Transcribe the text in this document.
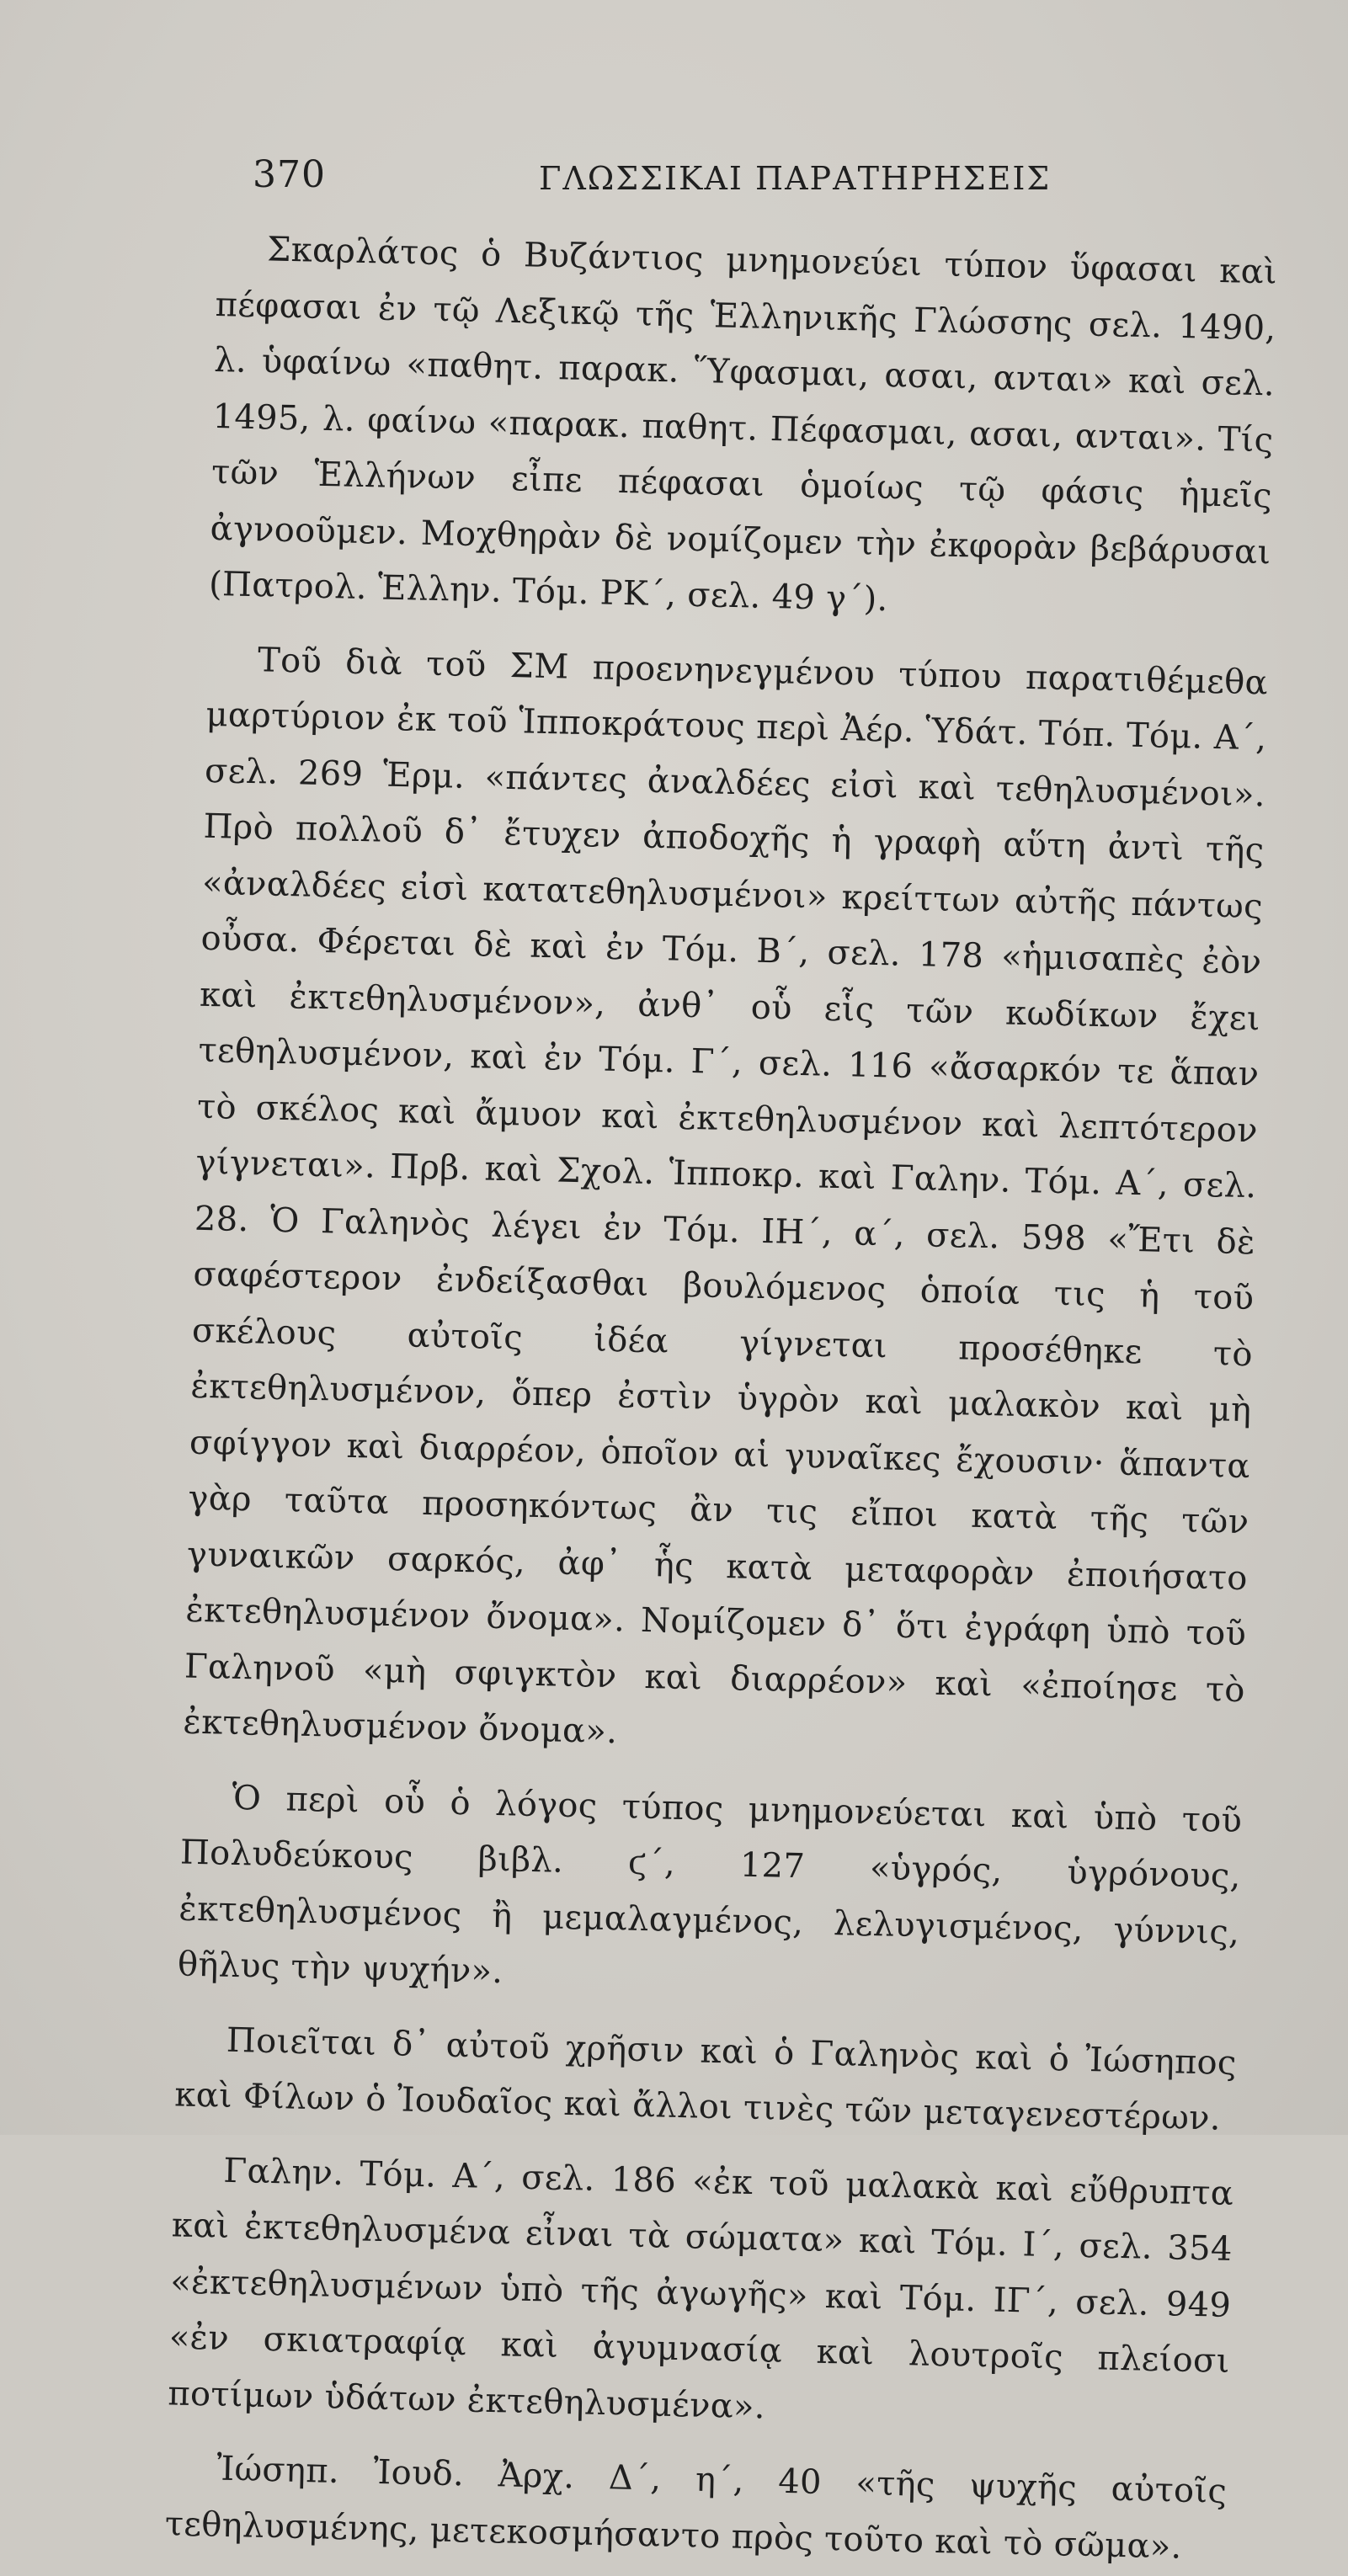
370	ΓΛΩΣΣΙΚΑΙ ΠΑΡΑΤΗΡΗΣΕΙΣ

Σκαρλάτος ὁ Βυζάντιος μνημονεύει τύπον ὕφασαι καὶ πέφασαι ἐν τῷ Λεξικῷ τῆς Ἑλληνικῆς Γλώσσης σελ. 1490, λ. ὑφαίνω «παθητ. παρακ. Ὕφασμαι, ασαι, ανται» καὶ σελ. 1495, λ. φαίνω «παρακ. παθητ. Πέφασμαι, ασαι, ανται». Τίς τῶν Ἑλλήνων εἶπε πέφασαι ὁμοίως τῷ φάσις ἡμεῖς ἀγνοοῦμεν. Μοχθηρὰν δὲ νομίζομεν τὴν ἐκφορὰν βεβάρυσαι (Πατρολ. Ἑλλην. Τόμ. ΡΚ΄, σελ. 49 γ΄).

Τοῦ διὰ τοῦ ΣΜ προενηνεγμένου τύπου παρατιθέμεθα μαρτύριον ἐκ τοῦ Ἱπποκράτους περὶ Ἀέρ. Ὑδάτ. Τόπ. Τόμ. Α΄, σελ. 269 Ἑρμ. «πάντες ἀναλδέες εἰσὶ καὶ τεθηλυσμένοι». Πρὸ πολλοῦ δ᾽ ἔτυχεν ἀποδοχῆς ἡ γραφὴ αὕτη ἀντὶ τῆς «ἀναλδέες εἰσὶ κατατεθηλυσμένοι» κρείττων αὐτῆς πάντως οὖσα. Φέρεται δὲ καὶ ἐν Τόμ. Β΄, σελ. 178 «ἡμισαπὲς ἐὸν καὶ ἐκτεθηλυσμένον», ἀνθ᾽ οὗ εἷς τῶν κωδίκων ἔχει τεθηλυσμένον, καὶ ἐν Τόμ. Γ΄, σελ. 116 «ἄσαρκόν τε ἅπαν τὸ σκέλος καὶ ἄμυον καὶ ἐκτεθηλυσμένον καὶ λεπτότερον γίγνεται». Πρβ. καὶ Σχολ. Ἱπποκρ. καὶ Γαλην. Τόμ. Α΄, σελ. 28. Ὁ Γαληνὸς λέγει ἐν Τόμ. ΙΗ΄, α΄, σελ. 598 «Ἔτι δὲ σαφέστερον ἐνδείξασθαι βουλόμενος ὁποία τις ἡ τοῦ σκέλους αὐτοῖς ἰδέα γίγνεται προσέθηκε τὸ ἐκτεθηλυσμένον, ὅπερ ἐστὶν ὑγρὸν καὶ μαλακὸν καὶ μὴ σφίγγον καὶ διαρρέον, ὁποῖον αἱ γυναῖκες ἔχουσιν· ἅπαντα γὰρ ταῦτα προσηκόντως ἂν τις εἴποι κατὰ τῆς τῶν γυναικῶν σαρκός, ἀφ᾽ ἧς κατὰ μεταφορὰν ἐποιήσατο ἐκτεθηλυσμένον ὄνομα». Νομίζομεν δ᾽ ὅτι ἐγράφη ὑπὸ τοῦ Γαληνοῦ «μὴ σφιγκτὸν καὶ διαρρέον» καὶ «ἐποίησε τὸ ἐκτεθηλυσμένον ὄνομα».

Ὁ περὶ οὗ ὁ λόγος τύπος μνημονεύεται καὶ ὑπὸ τοῦ Πολυδεύκους βιβλ. ϛ΄, 127 «ὑγρός, ὑγρόνους, ἐκτεθηλυσμένος ἢ μεμαλαγμένος, λελυγισμένος, γύννις, θῆλυς τὴν ψυχήν».

Ποιεῖται δ᾽ αὐτοῦ χρῆσιν καὶ ὁ Γαληνὸς καὶ ὁ Ἰώσηπος καὶ Φίλων ὁ Ἰουδαῖος καὶ ἄλλοι τινὲς τῶν μεταγενεστέρων.

Γαλην. Τόμ. Α΄, σελ. 186 «ἐκ τοῦ μαλακὰ καὶ εὔθρυπτα καὶ ἐκτεθηλυσμένα εἶναι τὰ σώματα» καὶ Τόμ. Ι΄, σελ. 354 «ἐκτεθηλυσμένων ὑπὸ τῆς ἀγωγῆς» καὶ Τόμ. ΙΓ΄, σελ. 949 «ἐν σκιατραφίᾳ καὶ ἀγυμνασίᾳ καὶ λουτροῖς πλείοσι ποτίμων ὑδάτων ἐκτεθηλυσμένα».

Ἰώσηπ. Ἰουδ. Ἀρχ. Δ΄, η΄, 40 «τῆς ψυχῆς αὐτοῖς τεθηλυσμένης, μετεκοσμήσαντο πρὸς τοῦτο καὶ τὸ σῶμα».
